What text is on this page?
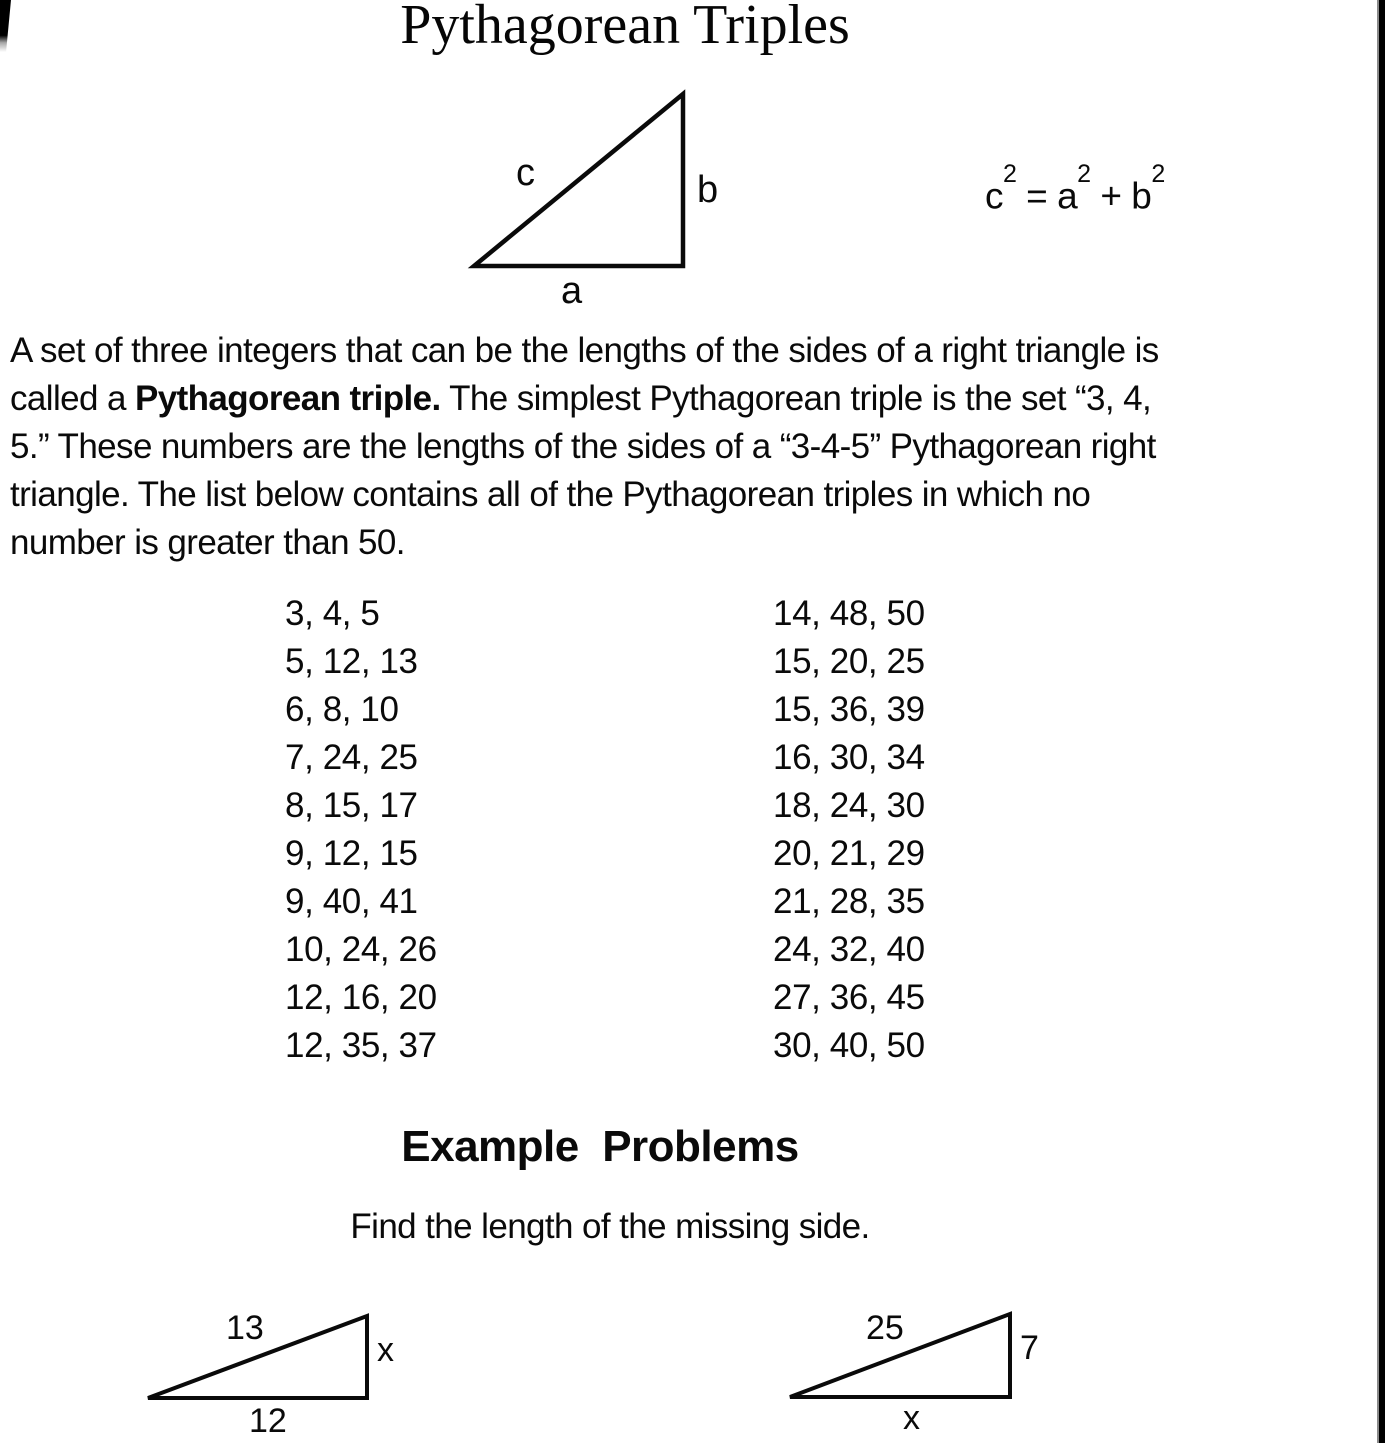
Pythagorean Triples
c	b
a
$c^2 = a^2 + b^2$
A set of three integers that can be the lengths of the sides of a right triangle is
called a Pythagorean triple. The simplest Pythagorean triple is the set “3, 4,
5.” These numbers are the lengths of the sides of a “3-4-5” Pythagorean right
triangle. The list below contains all of the Pythagorean triples in which no
number is greater than 50.
3, 4, 5
5, 12, 13
6, 8, 10
7, 24, 25
8, 15, 17
9, 12, 15
9, 40, 41
10, 24, 26
12, 16, 20
12, 35, 37
14, 48, 50
15, 20, 25
15, 36, 39
16, 30, 34
18, 24, 30
20, 21, 29
21, 28, 35
24, 32, 40
27, 36, 45
30, 40, 50
Example  Problems
Find the length of the missing side.
13
x
12
25
7
x
